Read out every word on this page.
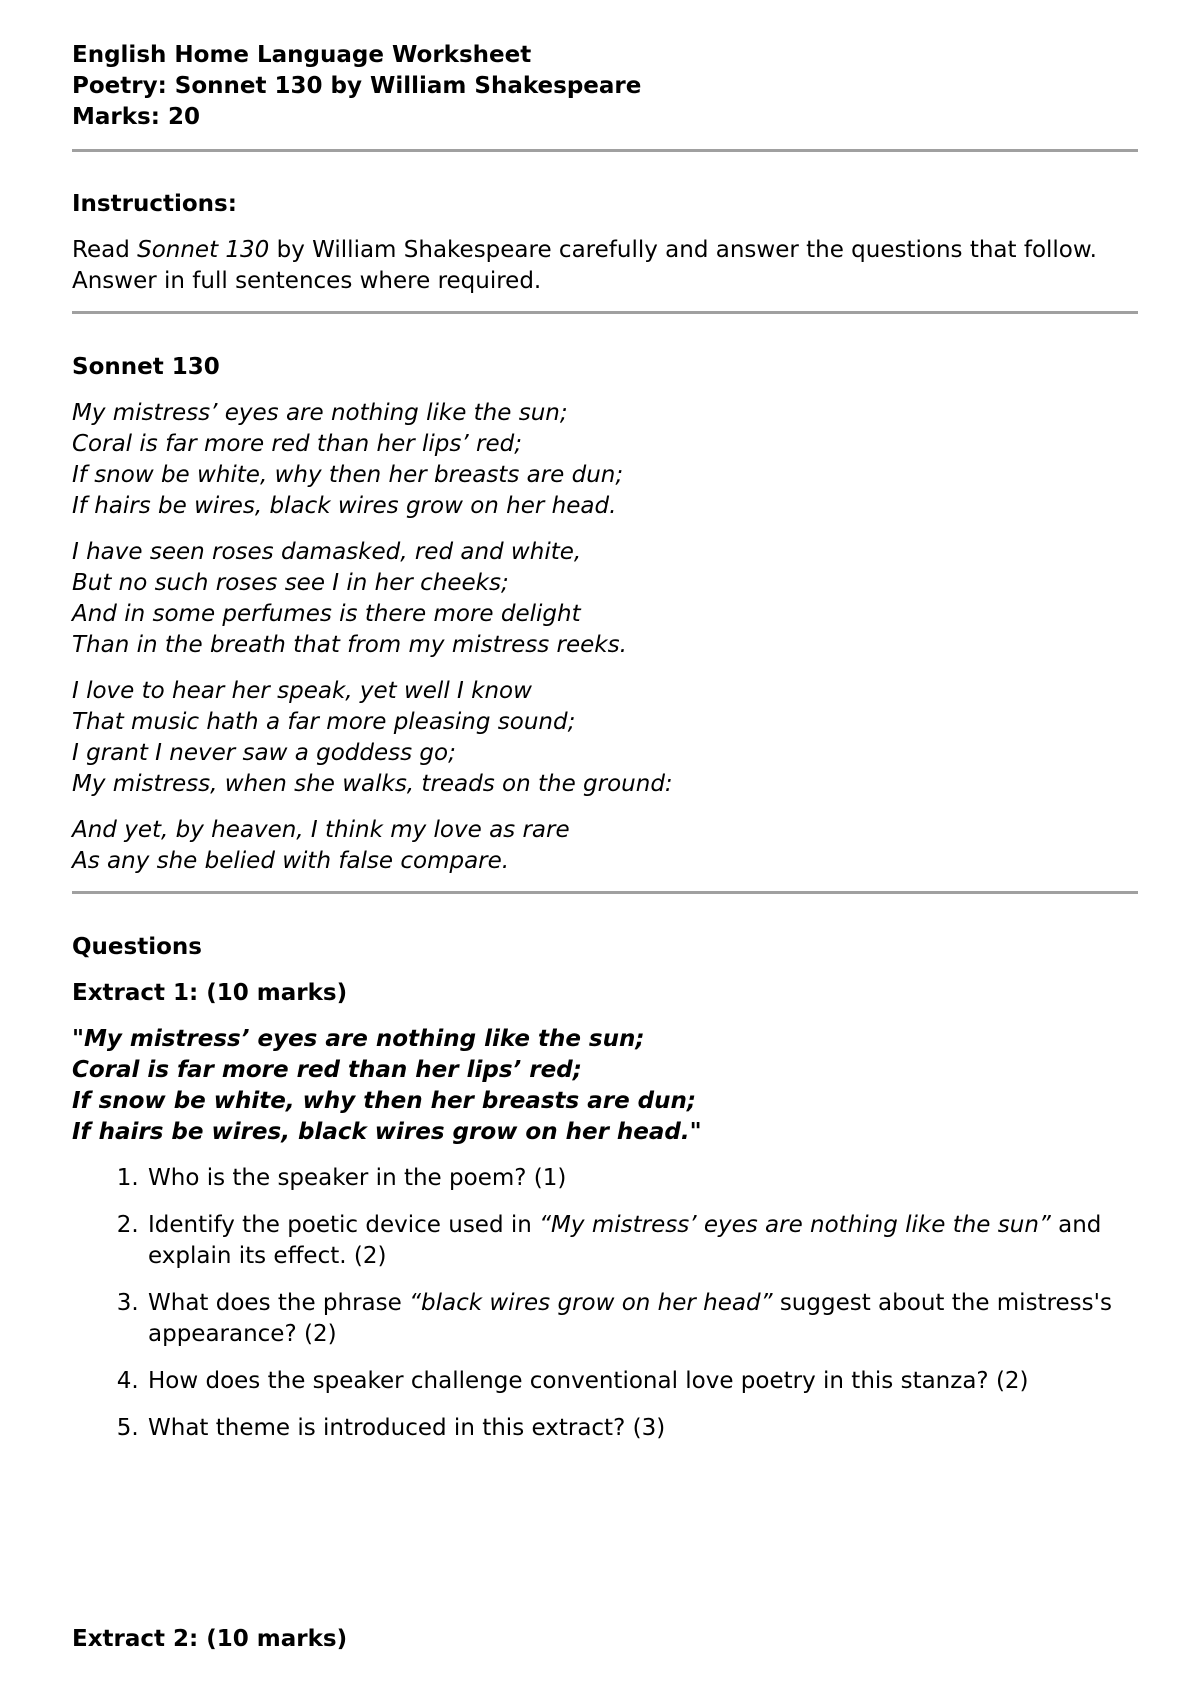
English Home Language Worksheet

Poetry: Sonnet 130 by William Shakespeare

Marks: 20

Instructions:

Read Sonnet 130 by William Shakespeare carefully and answer the questions that follow. Answer in full sentences where required.

Sonnet 130

My mistress’ eyes are nothing like the sun;
Coral is far more red than her lips’ red;
If snow be white, why then her breasts are dun;
If hairs be wires, black wires grow on her head.
I have seen roses damasked, red and white,
But no such roses see I in her cheeks;
And in some perfumes is there more delight
Than in the breath that from my mistress reeks.
I love to hear her speak, yet well I know
That music hath a far more pleasing sound;
I grant I never saw a goddess go;
My mistress, when she walks, treads on the ground:
And yet, by heaven, I think my love as rare
As any she belied with false compare.

Questions

Extract 1: (10 marks)

"My mistress’ eyes are nothing like the sun;
Coral is far more red than her lips’ red;
If snow be white, why then her breasts are dun;
If hairs be wires, black wires grow on her head."
1. Who is the speaker in the poem? (1)
2. Identify the poetic device used in “My mistress’ eyes are nothing like the sun” and explain its effect. (2)
3. What does the phrase “black wires grow on her head” suggest about the mistress's appearance? (2)
4. How does the speaker challenge conventional love poetry in this stanza? (2)
5. What theme is introduced in this extract? (3)

Extract 2: (10 marks)
